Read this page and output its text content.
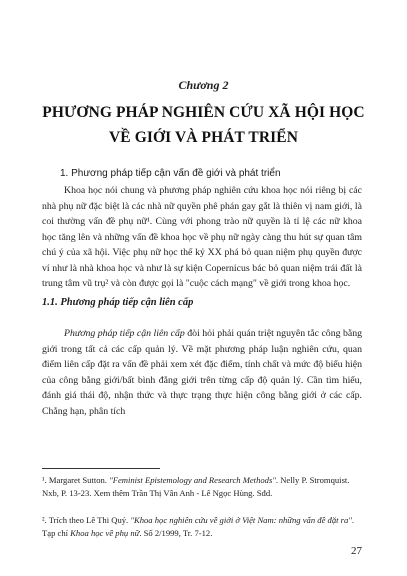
Chương 2
PHƯƠNG PHÁP NGHIÊN CỨU XÃ HỘI HỌC
VỀ GIỚI VÀ PHÁT TRIỂN
1. Phương pháp tiếp cận vấn đề giới và phát triển

Khoa học nói chung và phương pháp nghiên cứu khoa học nói riêng bị các nhà phụ nữ đặc biệt là các nhà nữ quyền phê phán gay gắt là thiên vị nam giới, là coi thường vấn đề phụ nữ¹. Cùng với phong trào nữ quyền là tỉ lệ các nữ khoa học tăng lên và những vấn đề khoa học về phụ nữ ngày càng thu hút sự quan tâm chú ý của xã hội. Việc phụ nữ học thế kỷ XX phá bỏ quan niệm phụ quyền được ví như là nhà khoa học và như là sự kiện Copernicus bác bỏ quan niệm trái đất là trung tâm vũ trụ² và còn được gọi là "cuộc cách mạng" về giới trong khoa học.

1.1. Phương pháp tiếp cận liên cấp

Phương pháp tiếp cận liên cấp đòi hỏi phải quán triệt nguyên tắc công bằng giới trong tất cả các cấp quản lý. Về mặt phương pháp luận nghiên cứu, quan điểm liên cấp đặt ra vấn đề phải xem xét đặc điểm, tính chất và mức độ biểu hiện của công bằng giới/bất bình đẳng giới trên từng cấp độ quản lý. Cần tìm hiểu, đánh giá thái độ, nhận thức và thực trạng thực hiện công bằng giới ở các cấp. Chẳng hạn, phân tích

¹. Margaret Sutton. "Feminist Epistemology and Research Methods". Nelly P. Stromquist. Nxb, P. 13-23. Xem thêm Trần Thị Vân Anh - Lê Ngọc Hùng. Sđd.

². Trích theo Lê Thi Quý. "Khoa học nghiên cứu về giới ở Việt Nam: những vấn đề đặt ra". Tạp chí Khoa học về phụ nữ. Số 2/1999, Tr. 7-12.

27
